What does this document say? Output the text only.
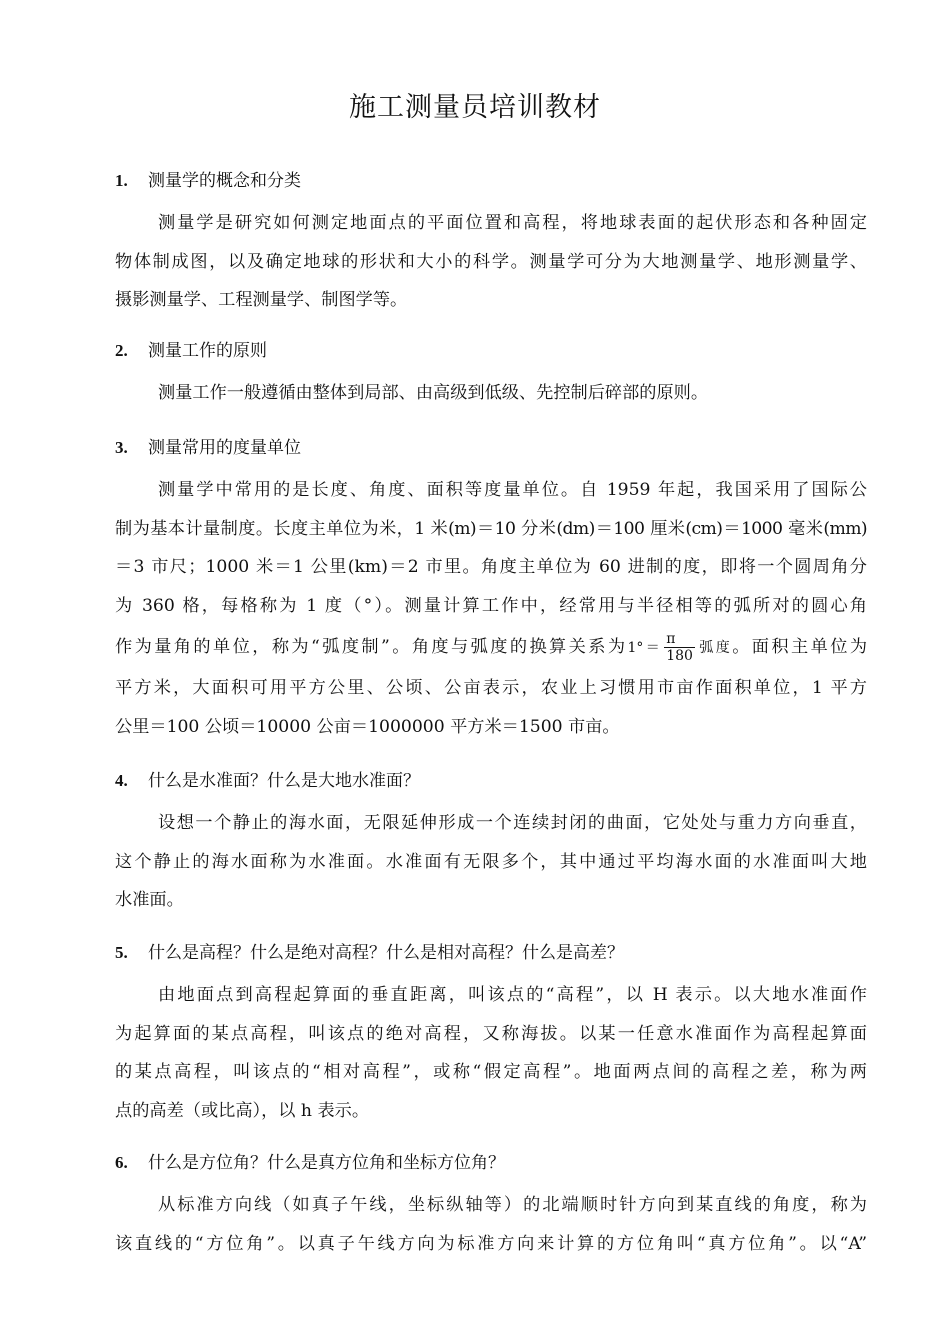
施工测量员培训教材
1. 测量学的概念和分类
测量学是研究如何测定地面点的平面位置和高程，将地球表面的起伏形态和各种固定
物体制成图，以及确定地球的形状和大小的科学。测量学可分为大地测量学、地形测量学、
摄影测量学、工程测量学、制图学等。
2. 测量工作的原则
测量工作一般遵循由整体到局部、由高级到低级、先控制后碎部的原则。
3. 测量常用的度量单位
测量学中常用的是长度、角度、面积等度量单位。自 1959 年起，我国采用了国际公
制为基本计量制度。长度主单位为米，1 米(m)＝10 分米(dm)＝100 厘米(cm)＝1000 毫米(mm)
＝3 市尺；1000 米＝1 公里(km)＝2 市里。角度主单位为 60 进制的度，即将一个圆周角分
为 360 格，每格称为 1 度（°）。测量计算工作中，经常用与半径相等的弧所对的圆心角
作为量角的单位，称为“弧度制”。角度与弧度的换算关系为$1^\circ= \frac{\pi}{180}$ 弧度。面积主单位为
平方米，大面积可用平方公里、公顷、公亩表示，农业上习惯用市亩作面积单位，1 平方
公里＝100 公顷＝10000 公亩＝1000000 平方米＝1500 市亩。
4. 什么是水准面？什么是大地水准面？
设想一个静止的海水面，无限延伸形成一个连续封闭的曲面，它处处与重力方向垂直，
这个静止的海水面称为水准面。水准面有无限多个，其中通过平均海水面的水准面叫大地
水准面。
5. 什么是高程？什么是绝对高程？什么是相对高程？什么是高差？
由地面点到高程起算面的垂直距离，叫该点的“高程”，以 H 表示。以大地水准面作
为起算面的某点高程，叫该点的绝对高程，又称海拔。以某一任意水准面作为高程起算面
的某点高程，叫该点的“相对高程”，或称“假定高程”。地面两点间的高程之差，称为两
点的高差（或比高），以 h 表示。
6. 什么是方位角？什么是真方位角和坐标方位角？
从标准方向线（如真子午线，坐标纵轴等）的北端顺时针方向到某直线的角度，称为
该直线的“方位角”。以真子午线方向为标准方向来计算的方位角叫“真方位角”。以“A”
